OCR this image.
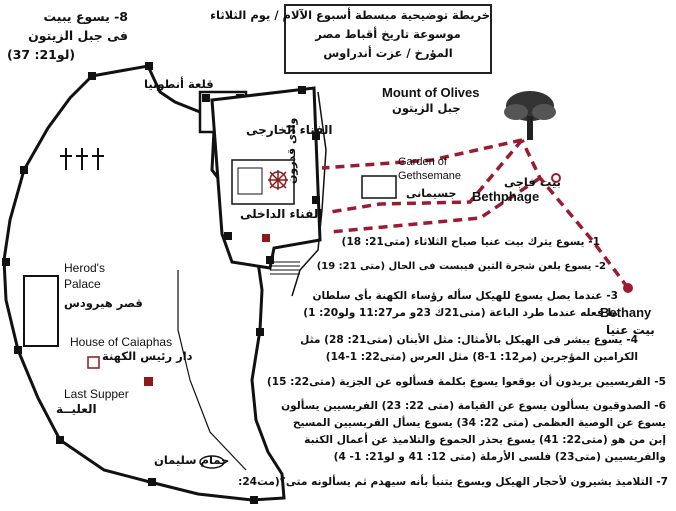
خريطة توضيحية مبسطة أسبوع الآلام / يوم الثلاثاء
موسوعة تاريخ أقباط مصر
المؤرخ / عزت أندراوس
8- يسوع يبيت
فى جبل الزيتون
(لو21: 37)
قلعة أنطونيا
الفناء الخارجى
الفناء الداخلى
وادى قدرون
Mount of Olives
جبل الزيتون
Garden of
Gethsemane
جسيمانى
بيت فاجى
Bethphage
Bethany
بيت عنيا
Herod's
Palace
قصر هيرودس
House of Caiaphas
دار رئيس الكهنة
Last Supper
العليــة
حمام سليمان
1- يسوع يترك بيت عنيا صباح الثلاثاء (متى21: 18)
2- يسوع يلعن شجرة التين فيبست فى الحال (متى 21: 19)
3- عندما يصل يسوع للهيكل سأله رؤساء الكهنة بأى سلطان
ما فعله عندما طرد الباعة (متى21ك 23و مر11:27 ولو20: 1)
4- يسوع يبشر فى الهيكل بالأمثال: مثل الأبنان (متى21: 28) مثل
الكرامين المؤجرين (مر12: 1-8) مثل العرس (متى22: 1-14)
5- الفريسيين يريدون أن يوقعوا يسوع بكلمة فسألوه عن الجزية (متى22: 15)
6- الصدوقيون يسألون يسوع عن القيامة (متى 22: 23) الفريسيين يسألون
يسوع عن الوصية العظمى (متى 22: 34) يسوع يسأل الفريسيين المسيح
إبن من هو (متى22: 41) يسوع يحذر الجموع والتلاميذ عن أعمال الكتبة
والفريسيين (متى23) فلسى الأرملة (متى 12: 41 و لو21: 1- 4)
7- التلاميذ يشيرون لأحجار الهيكل ويسوع يتنبأ بأنه سيهدم ثم يسألونه متى؟(مت24:
